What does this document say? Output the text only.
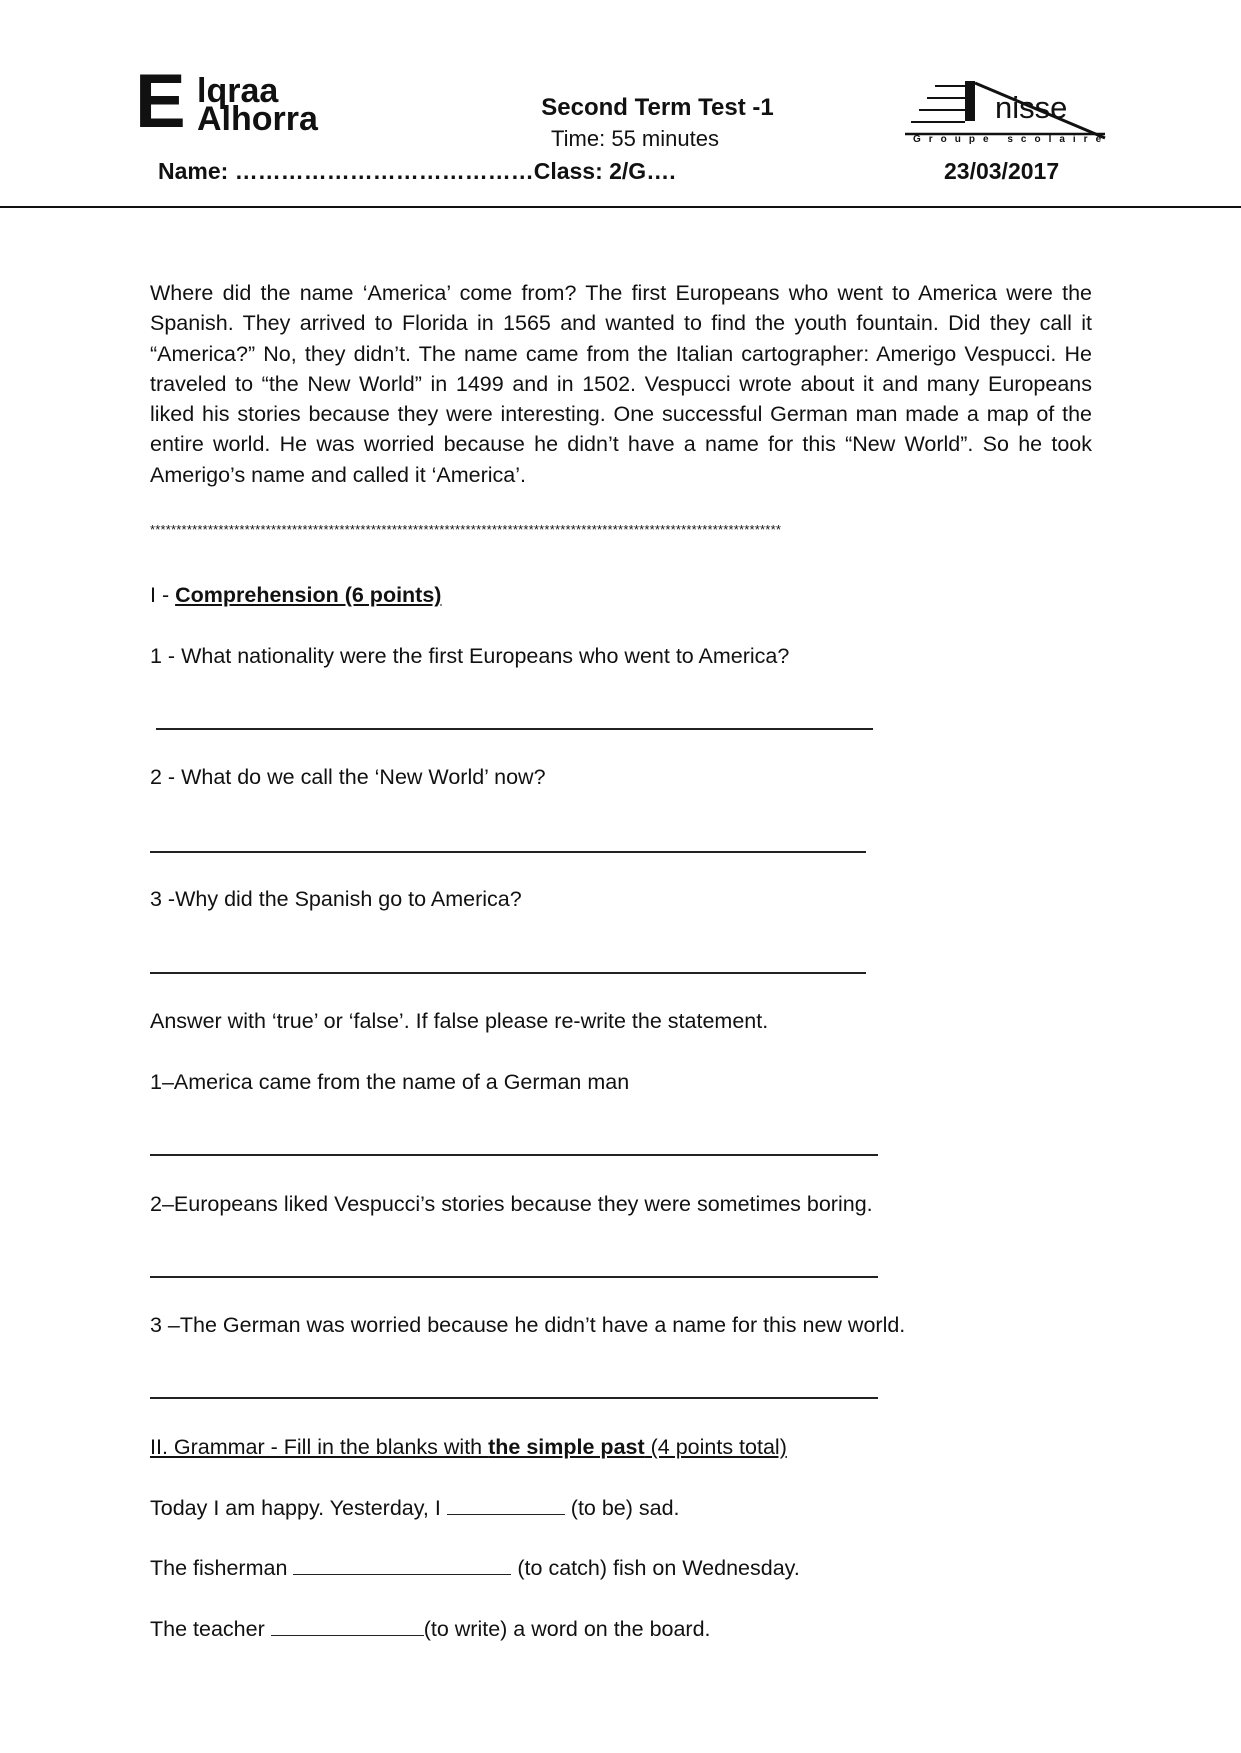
E lqraa
Alhorra	Second Term Test -1
Time: 55 minutes
nisse
Groupe scolaire
Name: …………………………………Class: 2/G….	23/03/2017
Where did the name ‘America’ come from? The first Europeans who went to America were the Spanish. They arrived to Florida in 1565 and wanted to find the youth fountain. Did they call it “America?” No, they didn’t. The name came from the Italian cartographer: Amerigo Vespucci. He traveled to “the New World” in 1499 and in 1502. Vespucci wrote about it and many Europeans liked his stories because they were interesting. One successful German man made a map of the entire world. He was worried because he didn’t have a name for this “New World”. So he took Amerigo’s name and called it ‘America’.
************************************************************************************************************************
I - Comprehension (6 points)
1 - What nationality were the first Europeans who went to America?
2 - What do we call the ‘New World’ now?
3 -Why did the Spanish go to America?
Answer with ‘true’ or ‘false’. If false please re-write the statement.
1–America came from the name of a German man
2–Europeans liked Vespucci’s stories because they were sometimes boring.
3 –The German was worried because he didn’t have a name for this new world.
II. Grammar - Fill in the blanks with the simple past (4 points total)
Today I am happy. Yesterday, I	(to be) sad.
The fisherman	(to catch) fish on Wednesday.
The teacher	(to write) a word on the board.
